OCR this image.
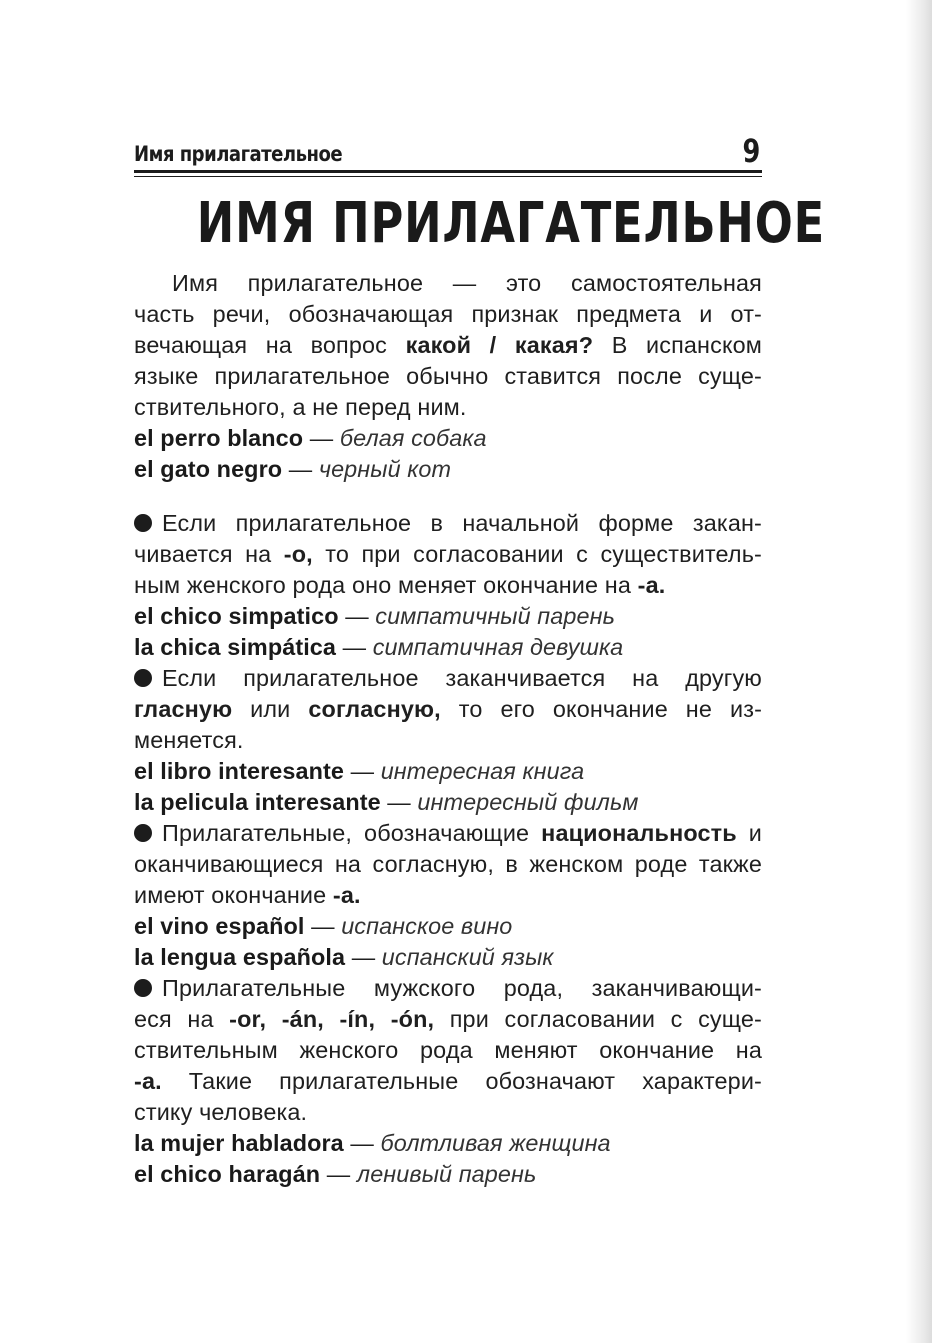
Имя прилагательное	9
ИМЯ ПРИЛАГАТЕЛЬНОЕ
Имя прилагательное — это самостоятельная
часть речи, обозначающая признак предмета и от-
вечающая на вопрос какой / какая? В испанском
языке прилагательное обычно ставится после суще-
ствительного, а не перед ним.
el perro blanco — белая собака
el gato negro — черный кот
Если прилагательное в начальной форме закан-
чивается на -о, то при согласовании с существитель-
ным женского рода оно меняет окончание на -а.
el chico simpatico — симпатичный парень
la chica simpática — симпатичная девушка
Если прилагательное заканчивается на другую
гласную или согласную, то его окончание не из-
меняется.
el libro interesante — интересная книга
la pelicula interesante — интересный фильм
Прилагательные, обозначающие национальность и
оканчивающиеся на согласную, в женском роде также
имеют окончание -а.
el vino español — испанское вино
la lengua española — испанский язык
Прилагательные мужского рода, заканчивающи-
еся на -or, -án, -ín, -ón, при согласовании с суще-
ствительным женского рода меняют окончание на
-а. Такие прилагательные обозначают характери-
стику человека.
la mujer habladora — болтливая женщина
el chico haragán — ленивый парень
